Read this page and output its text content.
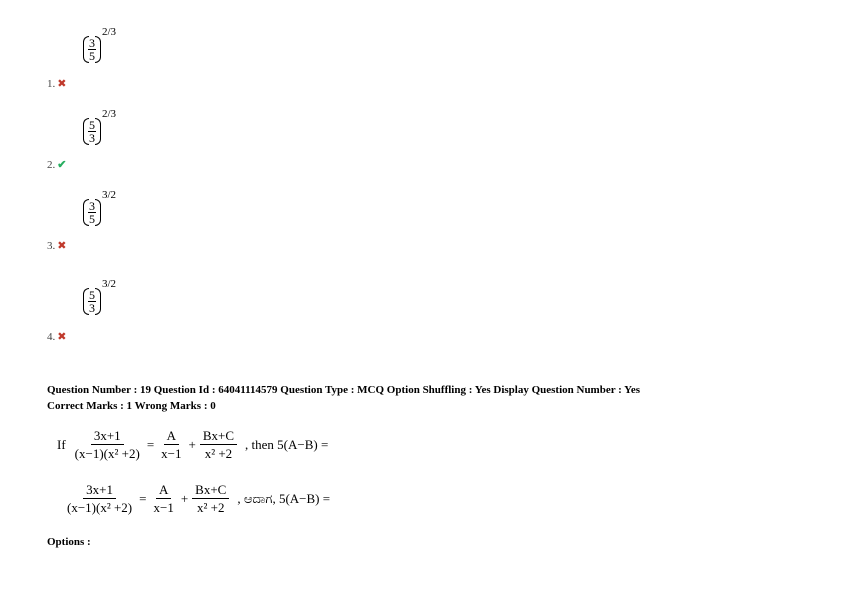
$\frac{3}{5}$
2/3
1. ✖
$\frac{5}{3}$
2/3
2. ✔
$\frac{3}{5}$
3/2
3. ✖
$\frac{5}{3}$
3/2
4. ✖
Question Number : 19 Question Id : 64041114579 Question Type : MCQ Option Shuffling : Yes Display Question Number : Yes
Correct Marks : 1 Wrong Marks : 0
If $\frac{3x+1}{\text{(x−1)(x² +2)}} = \frac{A}{x-1} + \frac{Bx+C}{\text{x² +2}}$ , then 5(A−B) =
$\frac{3x+1}{\text{(x−1)(x² +2)}} = \frac{A}{x-1} + \frac{Bx+C}{\text{x² +2}}$ , ಆದಾಗ, 5(A−B) =
Options :
